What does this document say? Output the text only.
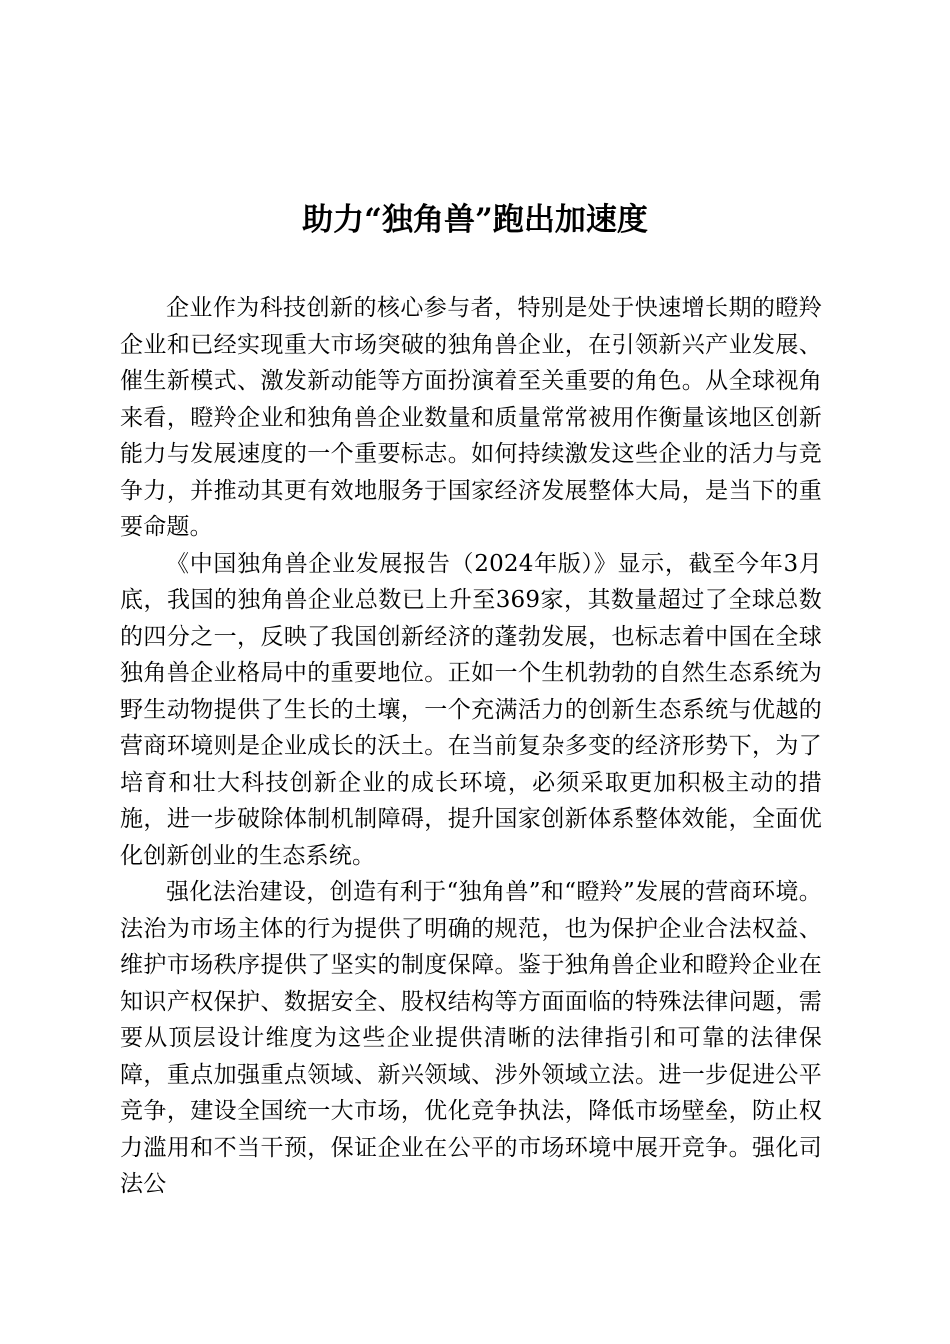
助力“独角兽”跑出加速度

企业作为科技创新的核心参与者，特别是处于快速增长期的瞪羚企业和已经实现重大市场突破的独角兽企业，在引领新兴产业发展、催生新模式、激发新动能等方面扮演着至关重要的角色。从全球视角来看，瞪羚企业和独角兽企业数量和质量常常被用作衡量该地区创新能力与发展速度的一个重要标志。如何持续激发这些企业的活力与竞争力，并推动其更有效地服务于国家经济发展整体大局，是当下的重要命题。

《中国独角兽企业发展报告（2024年版）》显示，截至今年3月底，我国的独角兽企业总数已上升至369家，其数量超过了全球总数的四分之一，反映了我国创新经济的蓬勃发展，也标志着中国在全球独角兽企业格局中的重要地位。正如一个生机勃勃的自然生态系统为野生动物提供了生长的土壤，一个充满活力的创新生态系统与优越的营商环境则是企业成长的沃土。在当前复杂多变的经济形势下，为了培育和壮大科技创新企业的成长环境，必须采取更加积极主动的措施，进一步破除体制机制障碍，提升国家创新体系整体效能，全面优化创新创业的生态系统。

强化法治建设，创造有利于“独角兽”和“瞪羚”发展的营商环境。法治为市场主体的行为提供了明确的规范，也为保护企业合法权益、维护市场秩序提供了坚实的制度保障。鉴于独角兽企业和瞪羚企业在知识产权保护、数据安全、股权结构等方面面临的特殊法律问题，需要从顶层设计维度为这些企业提供清晰的法律指引和可靠的法律保障，重点加强重点领域、新兴领域、涉外领域立法。进一步促进公平竞争，建设全国统一大市场，优化竞争执法，降低市场壁垒，防止权力滥用和不当干预，保证企业在公平的市场环境中展开竞争。强化司法公
